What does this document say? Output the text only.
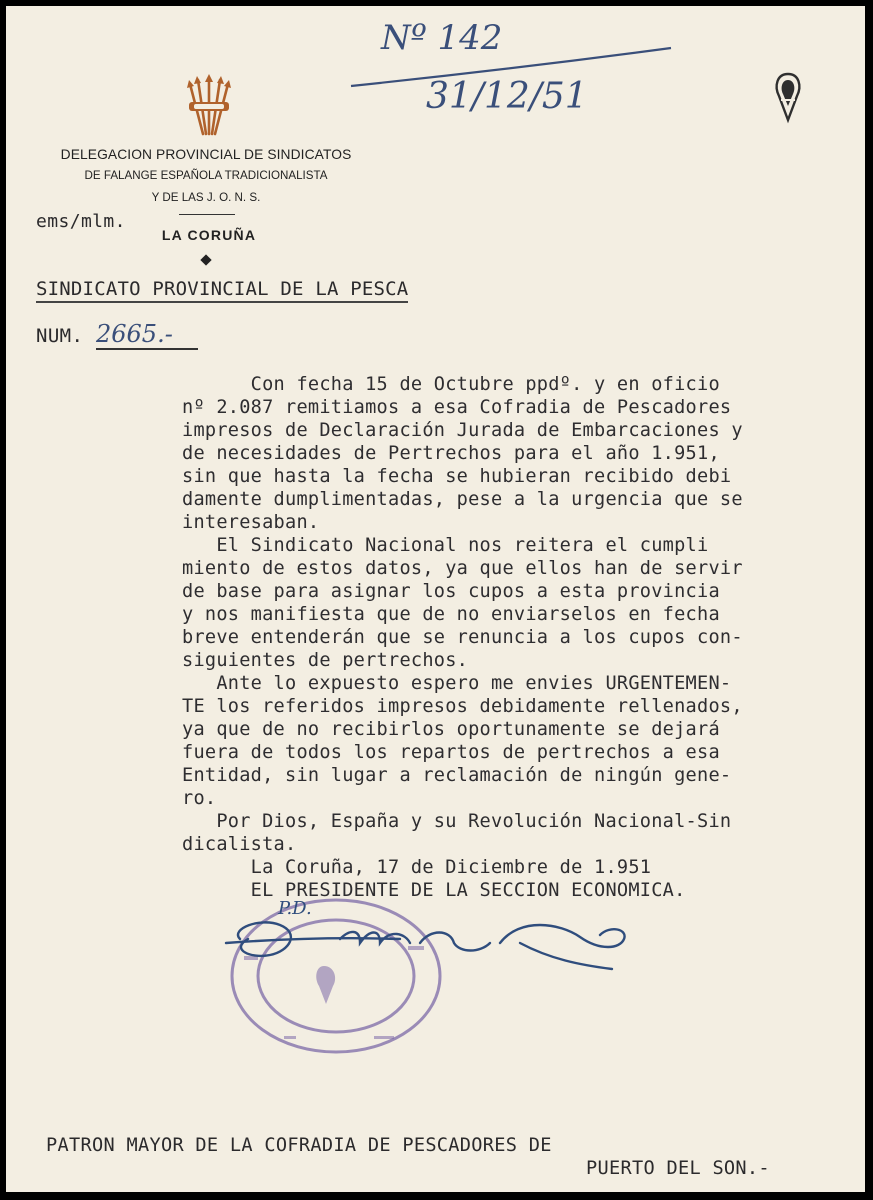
Nº 142
31/12/51
DELEGACION PROVINCIAL DE SINDICATOS
DE FALANGE ESPAÑOLA TRADICIONALISTA
Y DE LAS J. O. N. S.
ems/mlm.
LA CORUÑA
SINDICATO PROVINCIAL DE LA PESCA
NUM. 2665.-
Con fecha 15 de Octubre ppdº. y en oficio
nº 2.087 remitiamos a esa Cofradia de Pescadores
impresos de Declaración Jurada de Embarcaciones y
de necesidades de Pertrechos para el año 1.951,
sin que hasta la fecha se hubieran recibido debi
damente dumplimentadas, pese a la urgencia que se
interesaban.
El Sindicato Nacional nos reitera el cumpli
miento de estos datos, ya que ellos han de servir
de base para asignar los cupos a esta provincia
y nos manifiesta que de no enviarselos en fecha
breve entenderán que se renuncia a los cupos con-
siguientes de pertrechos.
Ante lo expuesto espero me envies URGENTEMEN-
TE los referidos impresos debidamente rellenados,
ya que de no recibirlos oportunamente se dejará
fuera de todos los repartos de pertrechos a esa
Entidad, sin lugar a reclamación de ningún gene-
ro.
Por Dios, España y su Revolución Nacional-Sin
dicalista.
La Coruña, 17 de Diciembre de 1.951
EL PRESIDENTE DE LA SECCION ECONOMICA.
P.D.
PATRON MAYOR DE LA COFRADIA DE PESCADORES DE
PUERTO DEL SON.-
